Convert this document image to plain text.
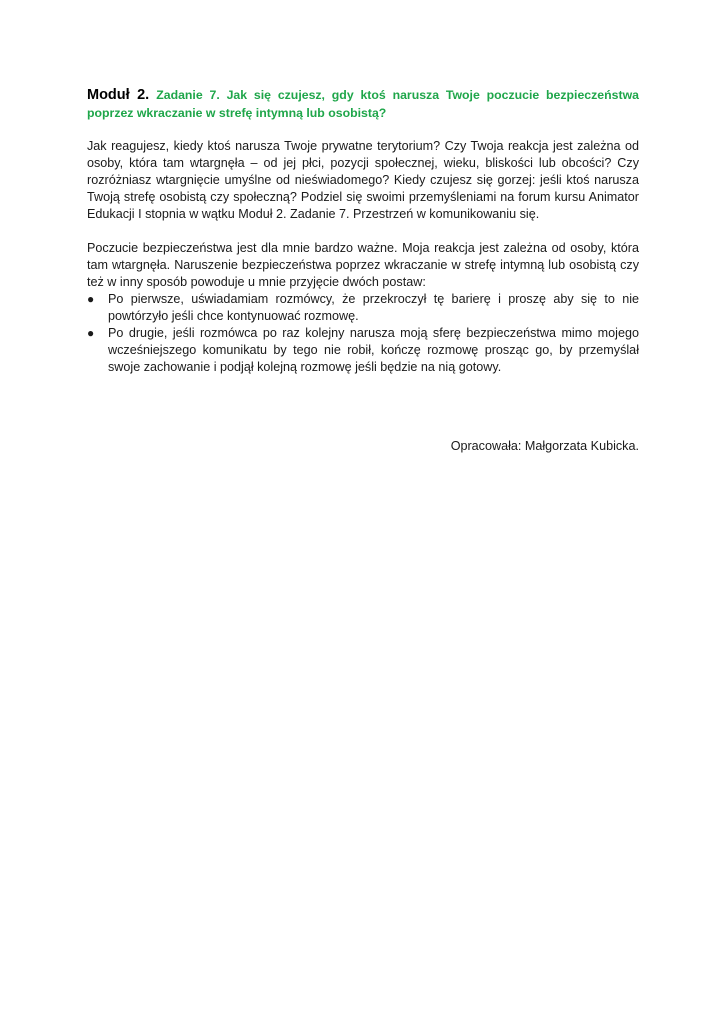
Moduł 2. Zadanie 7. Jak się czujesz, gdy ktoś narusza Twoje poczucie bezpieczeństwa poprzez wkraczanie w strefę intymną lub osobistą?

Jak reagujesz, kiedy ktoś narusza Twoje prywatne terytorium? Czy Twoja reakcja jest zależna od osoby, która tam wtargnęła – od jej płci, pozycji społecznej, wieku, bliskości lub obcości? Czy rozróżniasz wtargnięcie umyślne od nieświadomego? Kiedy czujesz się gorzej: jeśli ktoś narusza Twoją strefę osobistą czy społeczną? Podziel się swoimi przemyśleniami na forum kursu Animator Edukacji I stopnia w wątku Moduł 2. Zadanie 7. Przestrzeń w komunikowaniu się.

Poczucie bezpieczeństwa jest dla mnie bardzo ważne. Moja reakcja jest zależna od osoby, która tam wtargnęła. Naruszenie bezpieczeństwa poprzez wkraczanie w strefę intymną lub osobistą czy też w inny sposób powoduje u mnie przyjęcie dwóch postaw:

● Po pierwsze, uświadamiam rozmówcy, że przekroczył tę barierę i proszę aby się to nie powtórzyło jeśli chce kontynuować rozmowę.
● Po drugie, jeśli rozmówca po raz kolejny narusza moją sferę bezpieczeństwa mimo mojego wcześniejszego komunikatu by tego nie robił, kończę rozmowę prosząc go, by przemyślał swoje zachowanie i podjął kolejną rozmowę jeśli będzie na nią gotowy.

Opracowała: Małgorzata Kubicka.
